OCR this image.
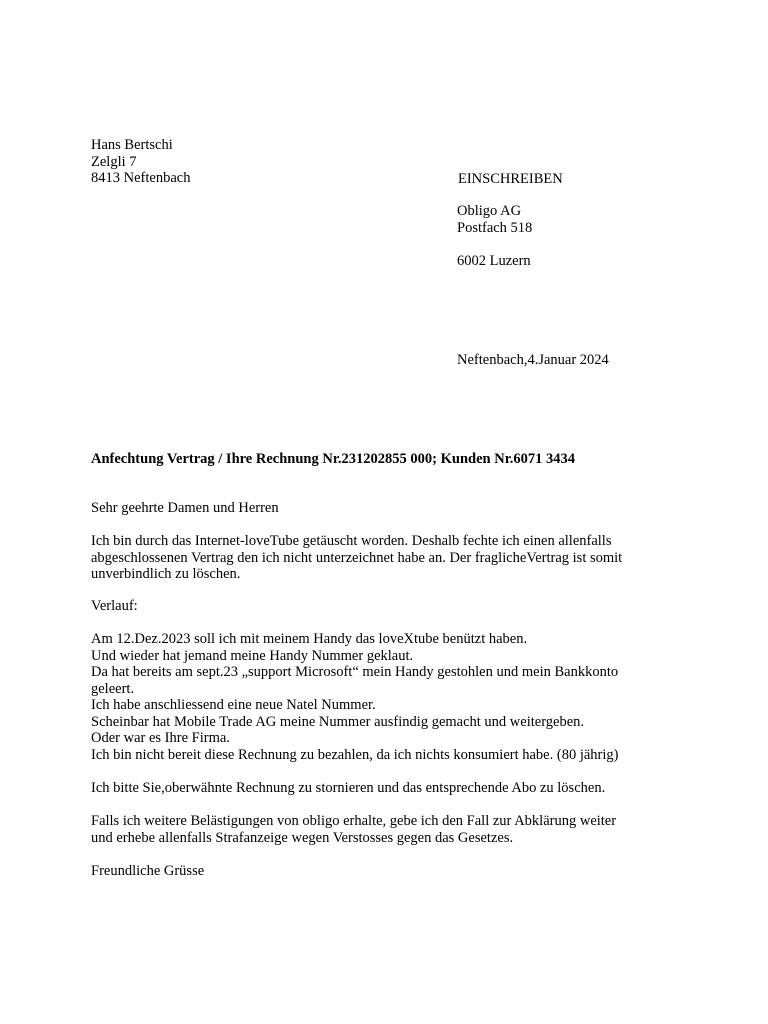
Hans Bertschi
Zelgli 7
8413 Neftenbach	EINSCHREIBEN
Obligo AG
Postfach 518
6002 Luzern
Neftenbach,4.Januar 2024
Anfechtung Vertrag / Ihre Rechnung Nr.231202855 000; Kunden Nr.6071 3434
Sehr geehrte Damen und Herren
Ich bin durch das Internet-loveTube getäuscht worden. Deshalb fechte ich einen allenfalls
abgeschlossenen Vertrag den ich nicht unterzeichnet habe an. Der fraglicheVertrag ist somit
unverbindlich zu löschen.
Verlauf:
Am 12.Dez.2023 soll ich mit meinem Handy das loveXtube benützt haben.
Und wieder hat jemand meine Handy Nummer geklaut.
Da hat bereits am sept.23 „support Microsoft“ mein Handy gestohlen und mein Bankkonto
geleert.
Ich habe anschliessend eine neue Natel Nummer.
Scheinbar hat Mobile Trade AG meine Nummer ausfindig gemacht und weitergeben.
Oder war es Ihre Firma.
Ich bin nicht bereit diese Rechnung zu bezahlen, da ich nichts konsumiert habe. (80 jährig)
Ich bitte Sie,oberwähnte Rechnung zu stornieren und das entsprechende Abo zu löschen.
Falls ich weitere Belästigungen von obligo erhalte, gebe ich den Fall zur Abklärung weiter
und erhebe allenfalls Strafanzeige wegen Verstosses gegen das Gesetzes.
Freundliche Grüsse
